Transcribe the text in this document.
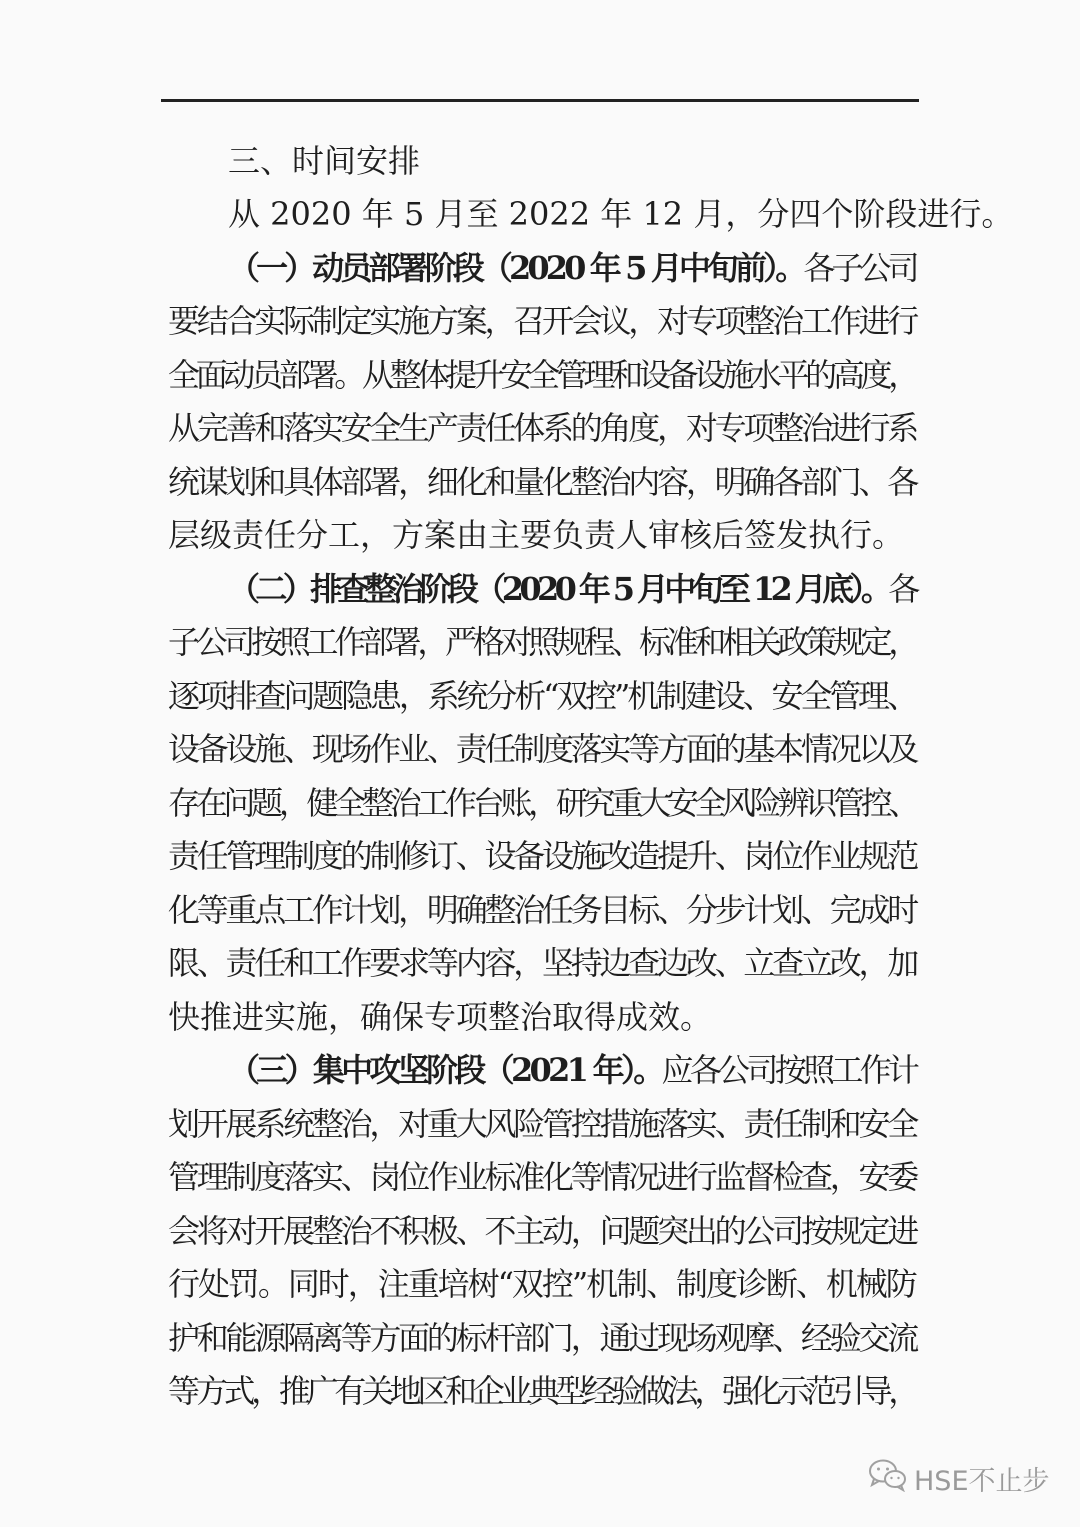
三、时间安排
从 2020 年 5 月至 2022 年 12 月，分四个阶段进行。
（一）动员部署阶段（2020 年 5 月中旬前）。各子公司
要结合实际制定实施方案，召开会议，对专项整治工作进行
全面动员部署。从整体提升安全管理和设备设施水平的高度，
从完善和落实安全生产责任体系的角度，对专项整治进行系
统谋划和具体部署，细化和量化整治内容，明确各部门、各
层级责任分工，方案由主要负责人审核后签发执行。
（二）排查整治阶段（2020 年 5 月中旬至 12 月底）。各
子公司按照工作部署，严格对照规程、标准和相关政策规定，
逐项排查问题隐患，系统分析“双控”机制建设、安全管理、
设备设施、现场作业、责任制度落实等方面的基本情况以及
存在问题，健全整治工作台账，研究重大安全风险辨识管控、
责任管理制度的制修订、设备设施改造提升、岗位作业规范
化等重点工作计划，明确整治任务目标、分步计划、完成时
限、责任和工作要求等内容，坚持边查边改、立查立改，加
快推进实施，确保专项整治取得成效。
（三）集中攻坚阶段（2021 年）。应各公司按照工作计
划开展系统整治，对重大风险管控措施落实、责任制和安全
管理制度落实、岗位作业标准化等情况进行监督检查，安委
会将对开展整治不积极、不主动，问题突出的公司按规定进
行处罚。同时，注重培树“双控”机制、制度诊断、机械防
护和能源隔离等方面的标杆部门，通过现场观摩、经验交流
等方式，推广有关地区和企业典型经验做法，强化示范引导，
HSE不止步
